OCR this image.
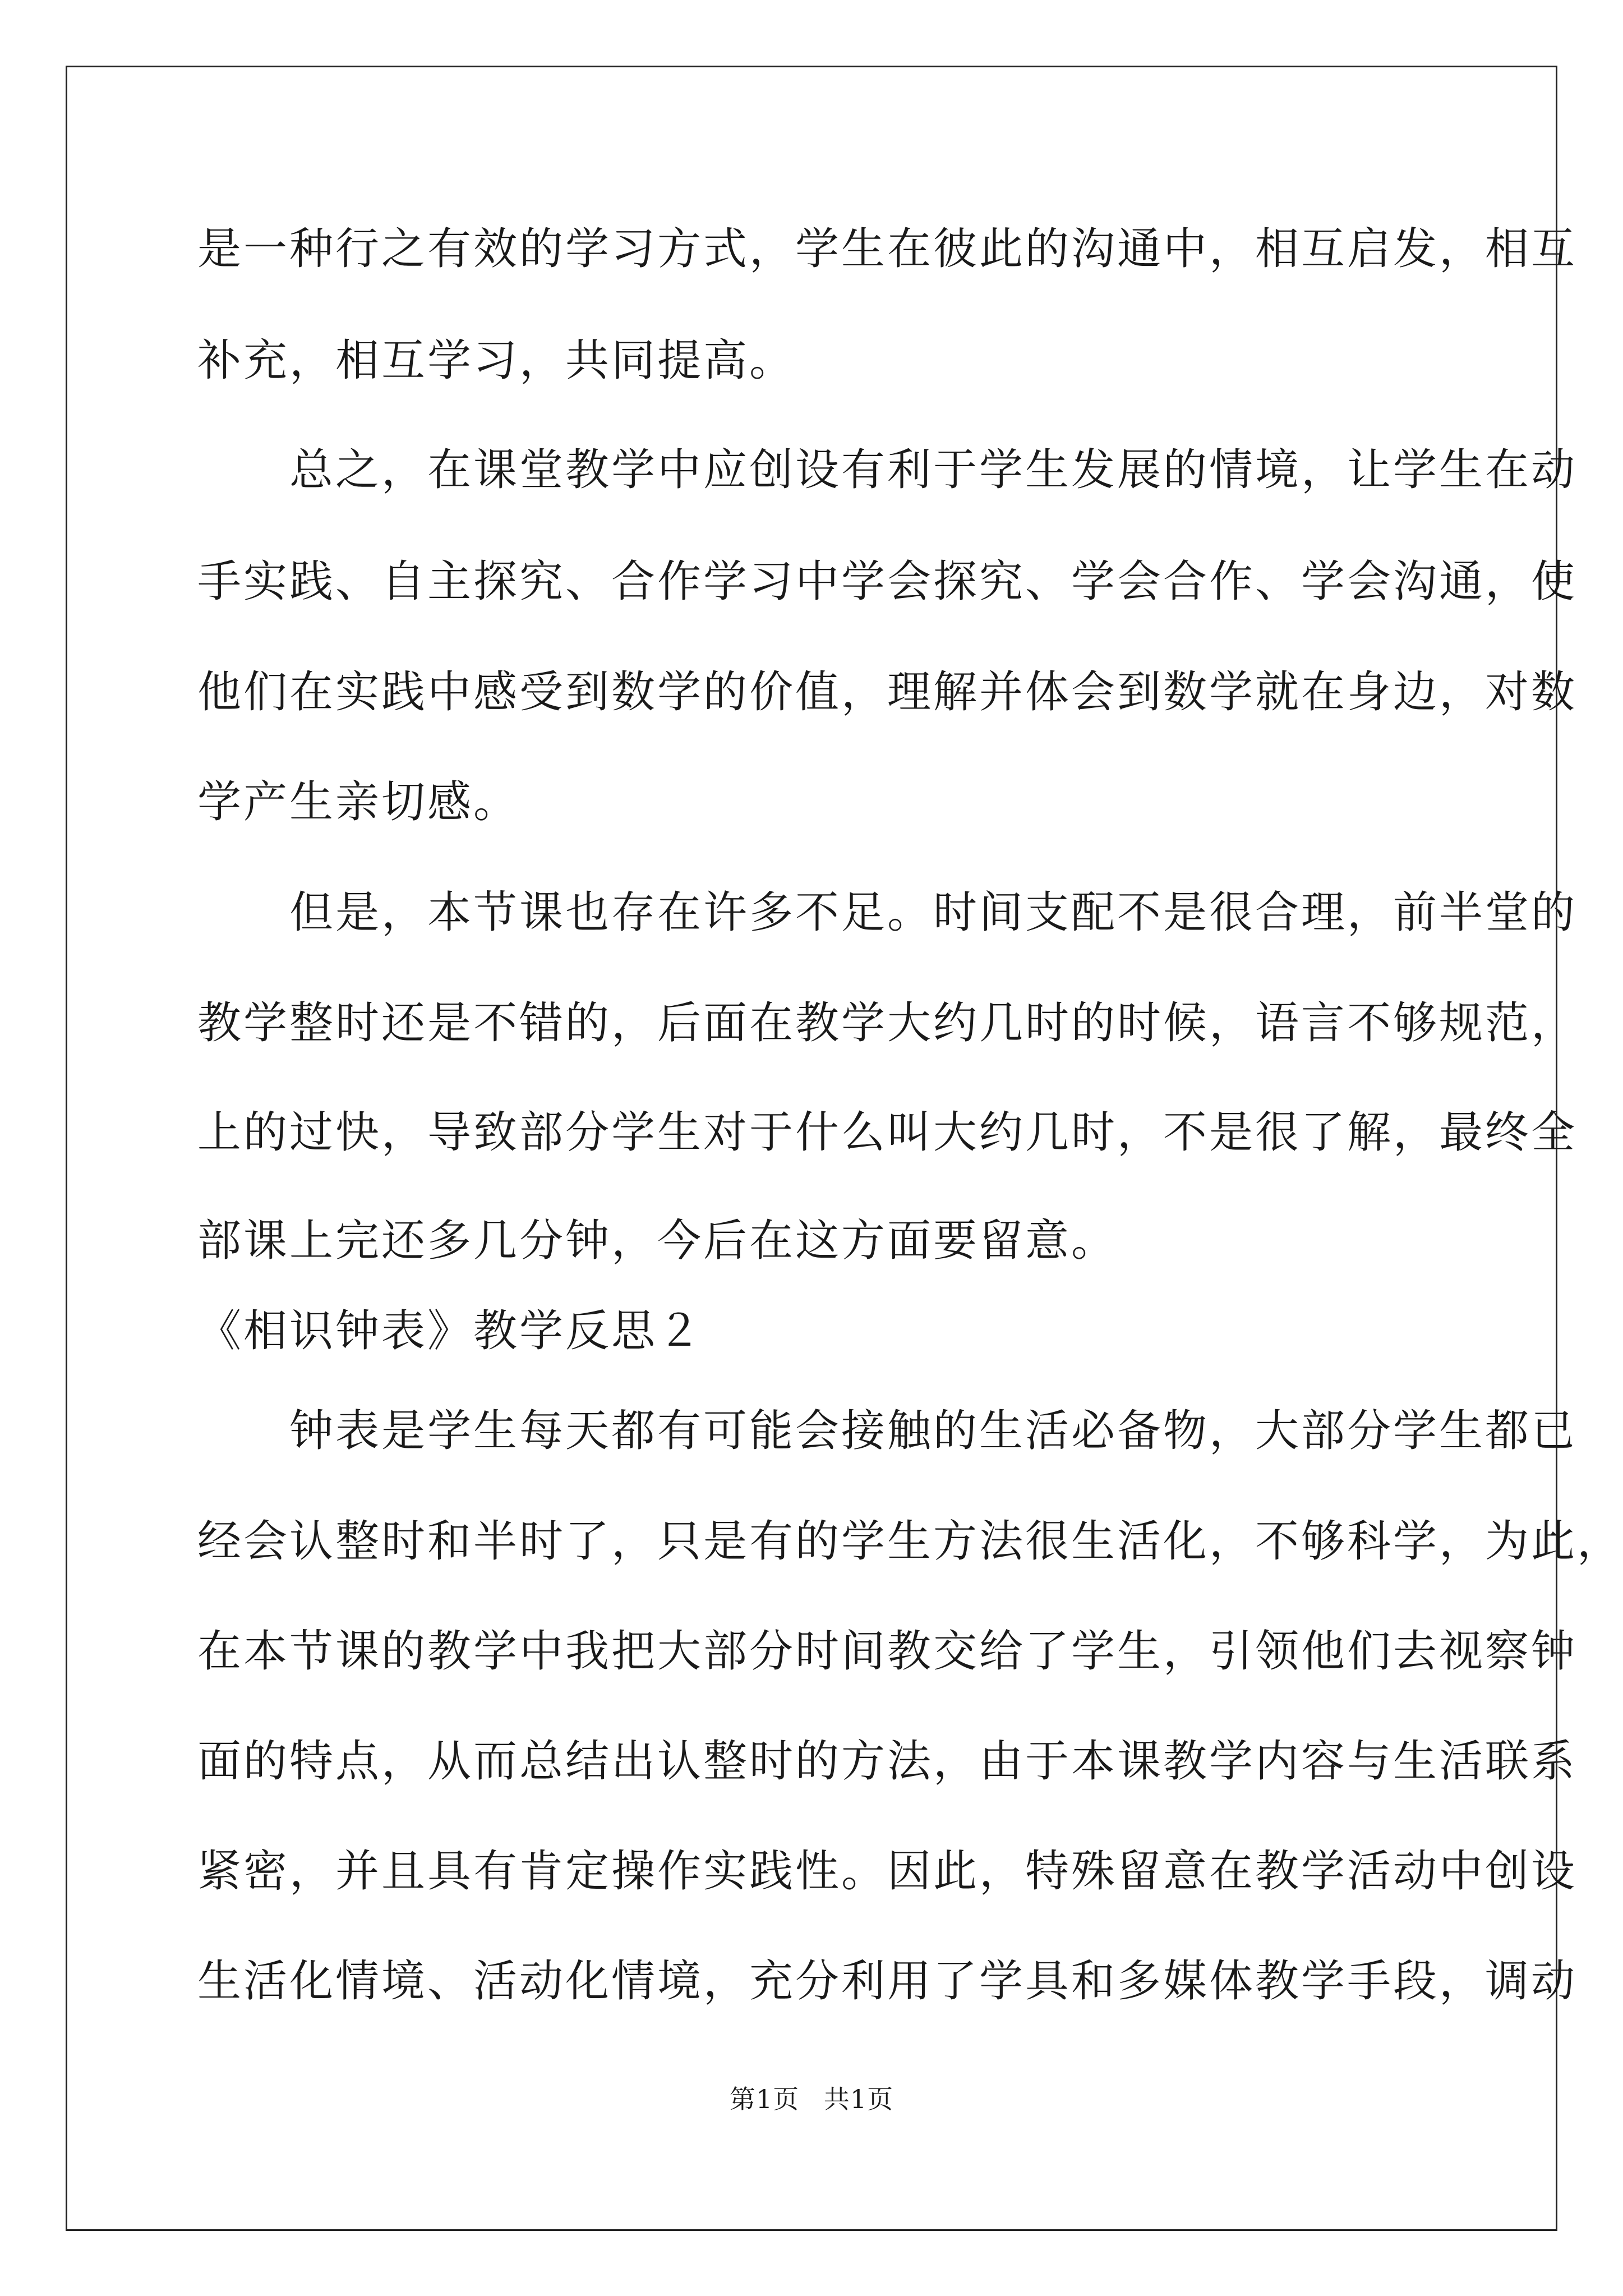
是一种行之有效的学习方式，学生在彼此的沟通中，相互启发，相互
补充，相互学习，共同提高。
　　总之，在课堂教学中应创设有利于学生发展的情境，让学生在动
手实践、自主探究、合作学习中学会探究、学会合作、学会沟通，使
他们在实践中感受到数学的价值，理解并体会到数学就在身边，对数
学产生亲切感。
　　但是，本节课也存在许多不足。时间支配不是很合理，前半堂的
教学整时还是不错的，后面在教学大约几时的时候，语言不够规范，
上的过快，导致部分学生对于什么叫大约几时，不是很了解，最终全
部课上完还多几分钟，今后在这方面要留意。
《相识钟表》教学反思２
　　钟表是学生每天都有可能会接触的生活必备物，大部分学生都已
经会认整时和半时了，只是有的学生方法很生活化，不够科学，为此，
在本节课的教学中我把大部分时间教交给了学生，引领他们去视察钟
面的特点，从而总结出认整时的方法，由于本课教学内容与生活联系
紧密，并且具有肯定操作实践性。因此，特殊留意在教学活动中创设
生活化情境、活动化情境，充分利用了学具和多媒体教学手段，调动
第1页 共1页
